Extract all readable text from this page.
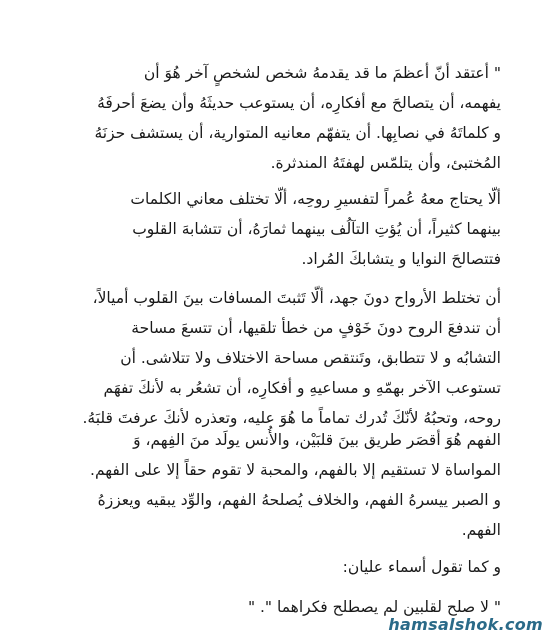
" أعتقد أنّ أعظمَ ما قد يقدمهُ شخص لشخصٍ آخر هُوَ أن
يفهمه، أن يتصالحَ مع أفكارِه، أن يستوعب حديثَهُ وأن يضعَ أحرفَهُ
و كلماتَهُ في نصابِها. أن يتفهّم معانيه المتوارية، أن يستشف حزنَهُ
المُختبئ، وأن يتلمّس لهفتَهُ المندثرة.
ألّا يحتاج معهُ عُمراً لتفسيرِ روحِه، ألّا تختلف معاني الكلمات
بينهما كثيراً، أن يُؤتِ التآلُف بينهما ثمارَهُ، أن تتشابهَ القلوب
فتتصالحَ النوايا و يتشابكَ المُراد.
أن تختلط الأرواح دونَ جهد، ألّا تَثبتَ المسافات بينَ القلوب أميالاً،
أن تندفعَ الروح دونَ خَوْفٍ من خطأ تلقيها، أن تتسعَ مساحة
التشابُه و لا تتطابق، وتَنتقص مساحة الاختلاف ولا تتلاشى. أن
تستوعب الآخر بهمّهِ و مساعيهِ و أفكارِه، أن تشعُر به لأنكَ تفهَم
روحه، وتحبُهُ لأنّكَ تُدرك تماماً ما هُوَ عليه، وتعذره لأنكَ عرفتَ قلبَهُ.
الفهم هُوَ أقصَر طريق بينَ قلبَيْن، والأُنس يولَد منَ الفِهم، وَ
المواساة لا تستقيم إلا بالفهم، والمحبة لا تقوم حقاً إلا على الفهم.
و الصبر ييسرهُ الفهم، والخلاف يُصلحهُ الفهم، والوِّد يبقيه ويعززهُ
الفهم.
و كما تقول أسماء عليان:
" لا صلح لقلبين لم يصطلح فكراهما ". "
hamsalshok.com
